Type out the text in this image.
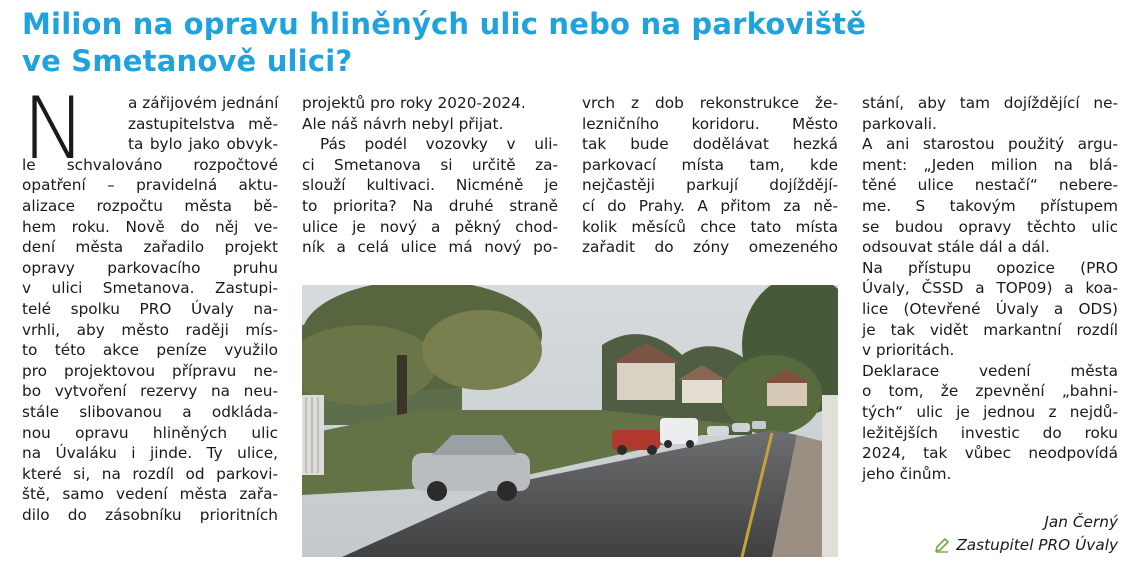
Milion na opravu hliněných ulic nebo na parkoviště
ve Smetanově ulici?
N	a zářijovém jednání
zastupitelstva mě-
ta bylo jako obvyk-
le schvalováno rozpočtové
opatření – pravidelná aktu-
alizace rozpočtu města bě-
hem roku. Nově do něj ve-
dení města zařadilo projekt
opravy parkovacího pruhu
v ulici Smetanova. Zastupi-
telé spolku PRO Úvaly na-
vrhli, aby město raději mís-
to této akce peníze využilo
pro projektovou přípravu ne-
bo vytvoření rezervy na neu-
stále slibovanou a odkláda-
nou opravu hliněných ulic
na Úvaláku i jinde. Ty ulice,
které si, na rozdíl od parkovi-
ště, samo vedení města zařa-
dilo do zásobníku prioritních
projektů pro roky 2020-2024.
Ale náš návrh nebyl přijat.
Pás podél vozovky v uli-
ci Smetanova si určitě za-
slouží kultivaci. Nicméně je
to priorita? Na druhé straně
ulice je nový a pěkný chod-
ník a celá ulice má nový po-
vrch z dob rekonstrukce že-
lezničního koridoru. Město
tak bude dodělávat hezká
parkovací místa tam, kde
nejčastěji parkují dojíždějí-
cí do Prahy. A přitom za ně-
kolik měsíců chce tato místa
zařadit do zóny omezeného
stání, aby tam dojíždějící ne-
parkovali.
A ani starostou použitý argu-
ment: „Jeden milion na blá-
těné ulice nestačí“ nebere-
me. S takovým přístupem
se budou opravy těchto ulic
odsouvat stále dál a dál.
Na přístupu opozice (PRO
Úvaly, ČSSD a TOP09) a koa-
lice (Otevřené Úvaly a ODS)
je tak vidět markantní rozdíl
v prioritách.
Deklarace vedení města
o tom, že zpevnění „bahni-
tých“ ulic je jednou z nejdů-
ležitějších investic do roku
2024, tak vůbec neodpovídá
jeho činům.
Jan Černý
Zastupitel PRO Úvaly
